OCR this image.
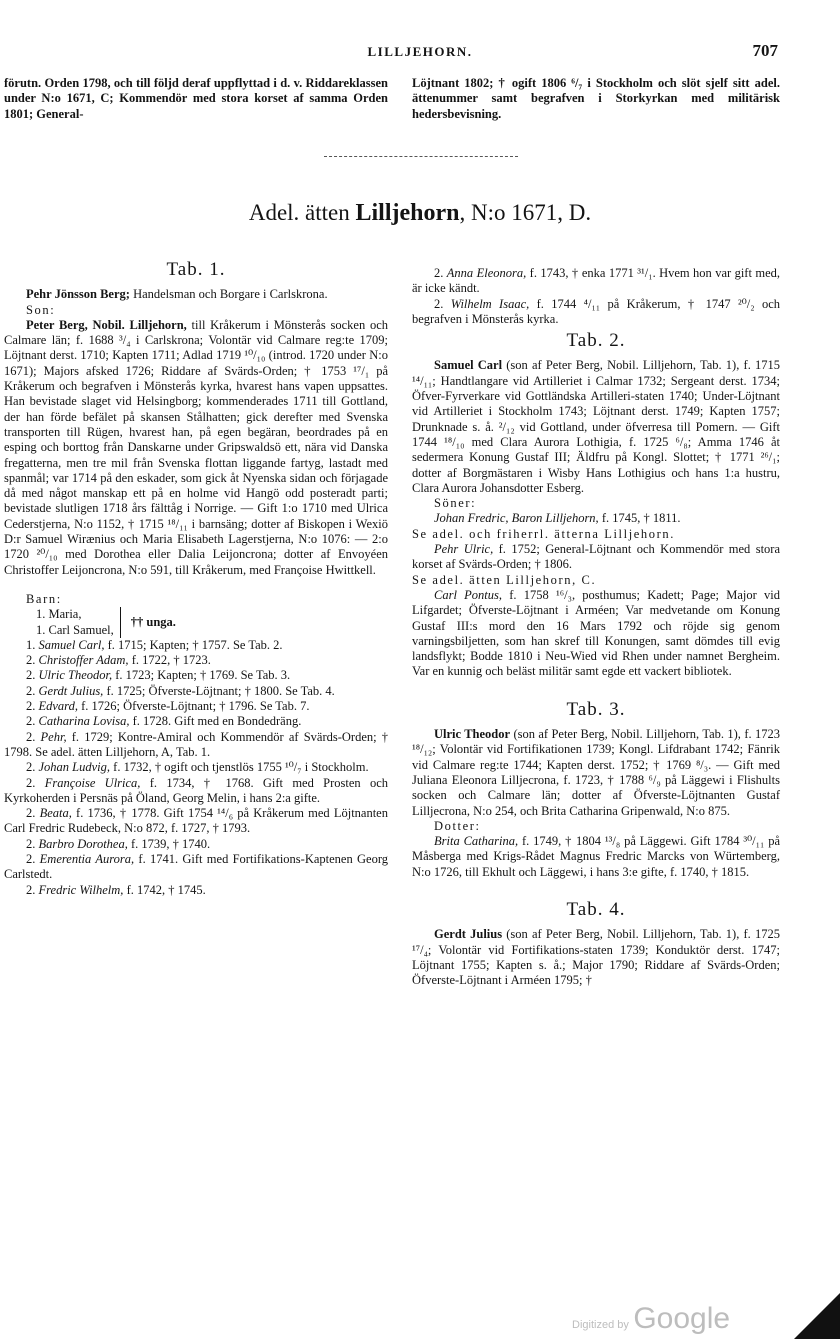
LILLJEHORN.	707

förutn. Orden 1798, och till följd deraf uppflyttad i d. v. Riddareklassen under N:o 1671, C; Kommendör med stora korset af samma Orden 1801; General-

Löjtnant 1802; † ogift 1806 ⁶/₇ i Stockholm och slöt sjelf sitt adel. ättenummer samt begrafven i Storkyrkan med militärisk hedersbevisning.

Adel. ätten Lilljehorn, N:o 1671, D.
Tab. 1.

Pehr Jönsson Berg; Handelsman och Borgare i Carlskrona.

Son:

Peter Berg, Nobil. Lilljehorn, till Kråkerum i Mönsterås socken och Calmare län; f. 1688 ³/₄ i Carlskrona; Volontär vid Calmare reg:te 1709; Löjtnant derst. 1710; Kapten 1711; Adlad 1719 ¹⁰/₁₀ (introd. 1720 under N:o 1671); Majors afsked 1726; Riddare af Svärds-Orden; † 1753 ¹⁷/₁ på Kråkerum och begrafven i Mönsterås kyrka, hvarest hans vapen uppsattes. Han bevistade slaget vid Helsingborg; kommenderades 1711 till Gottland, der han förde befälet på skansen Stålhatten; gick derefter med Svenska transporten till Rügen, hvarest han, på egen begäran, beordrades på en esping och borttog från Danskarne under Gripswaldsö ett, nära vid Danska fregatterna, men tre mil från Svenska flottan liggande fartyg, lastadt med spanmål; var 1714 på den eskader, som gick åt Nyenska sidan och förjagade då med något manskap ett på en holme vid Hangö odd posteradt parti; bevistade slutligen 1718 års fälttåg i Norrige. — Gift 1:o 1710 med Ulrica Cederstjerna, N:o 1152, † 1715 ¹⁸/₁₁ i barnsäng; dotter af Biskopen i Wexiö D:r Samuel Wirænius och Maria Elisabeth Lagerstjerna, N:o 1076: — 2:o 1720 ²⁰/₁₀ med Dorothea eller Dalia Leijoncrona; dotter af Envoyéen Christoffer Leijoncrona, N:o 591, till Kråkerum, med Françoise Hwittkell.

Barn:

1. Maria,
1. Carl Samuel,
†† unga.

1. Samuel Carl, f. 1715; Kapten; † 1757. Se Tab. 2.

2. Christoffer Adam, f. 1722, † 1723.

2. Ulric Theodor, f. 1723; Kapten; † 1769. Se Tab. 3.

2. Gerdt Julius, f. 1725; Öfverste-Löjtnant; † 1800. Se Tab. 4.

2. Edvard, f. 1726; Öfverste-Löjtnant; † 1796. Se Tab. 7.

2. Catharina Lovisa, f. 1728. Gift med en Bondedräng.

2. Pehr, f. 1729; Kontre-Amiral och Kommendör af Svärds-Orden; † 1798. Se adel. ätten Lilljehorn, A, Tab. 1.

2. Johan Ludvig, f. 1732, † ogift och tjenstlös 1755 ¹⁰/₇ i Stockholm.

2. Françoise Ulrica, f. 1734, † 1768. Gift med Prosten och Kyrkoherden i Persnäs på Öland, Georg Melin, i hans 2:a gifte.

2. Beata, f. 1736, † 1778. Gift 1754 ¹⁴/₆ på Kråkerum med Löjtnanten Carl Fredric Rudebeck, N:o 872, f. 1727, † 1793.

2. Barbro Dorothea, f. 1739, † 1740.

2. Emerentia Aurora, f. 1741. Gift med Fortifikations-Kaptenen Georg Carlstedt.

2. Fredric Wilhelm, f. 1742, † 1745.

2. Anna Eleonora, f. 1743, † enka 1771 ³¹/₁. Hvem hon var gift med, är icke kändt.

2. Wilhelm Isaac, f. 1744 ⁴/₁₁ på Kråkerum, † 1747 ²⁰/₂ och begrafven i Mönsterås kyrka.

Tab. 2.

Samuel Carl (son af Peter Berg, Nobil. Lilljehorn, Tab. 1), f. 1715 ¹⁴/₁₁; Handtlangare vid Artilleriet i Calmar 1732; Sergeant derst. 1734; Öfver-Fyrverkare vid Gottländska Artilleri-staten 1740; Under-Löjtnant vid Artilleriet i Stockholm 1743; Löjtnant derst. 1749; Kapten 1757; Drunknade s. å. ²/₁₂ vid Gottland, under öfverresa till Pomern. — Gift 1744 ¹⁸/₁₀ med Clara Aurora Lothigia, f. 1725 ⁶/₈; Amma 1746 åt sedermera Konung Gustaf III; Äldfru på Kongl. Slottet; † 1771 ²⁶/₁; dotter af Borgmästaren i Wisby Hans Lothigius och hans 1:a hustru, Clara Aurora Johansdotter Esberg.

Söner:

Johan Fredric, Baron Lilljehorn, f. 1745, † 1811.

Se adel. och friherrl. ätterna Lilljehorn.

Pehr Ulric, f. 1752; General-Löjtnant och Kommendör med stora korset af Svärds-Orden; † 1806.

Se adel. ätten Lilljehorn, C.

Carl Pontus, f. 1758 ¹⁶/₃, posthumus; Kadett; Page; Major vid Lifgardet; Öfverste-Löjtnant i Arméen; Var medvetande om Konung Gustaf III:s mord den 16 Mars 1792 och röjde sig genom varningsbiljetten, som han skref till Konungen, samt dömdes till evig landsflykt; Bodde 1810 i Neu-Wied vid Rhen under namnet Bergheim. Var en kunnig och beläst militär samt egde ett vackert bibliotek.

Tab. 3.

Ulric Theodor (son af Peter Berg, Nobil. Lilljehorn, Tab. 1), f. 1723 ¹⁸/₁₂; Volontär vid Fortifikationen 1739; Kongl. Lifdrabant 1742; Fänrik vid Calmare reg:te 1744; Kapten derst. 1752; † 1769 ⁸/₃. — Gift med Juliana Eleonora Lilljecrona, f. 1723, † 1788 ⁶/₉ på Läggewi i Flishults socken och Calmare län; dotter af Öfverste-Löjtnanten Gustaf Lilljecrona, N:o 254, och Brita Catharina Gripenwald, N:o 875.

Dotter:

Brita Catharina, f. 1749, † 1804 ¹³/₈ på Läggewi. Gift 1784 ³⁰/₁₁ på Måsberga med Krigs-Rådet Magnus Fredric Marcks von Würtemberg, N:o 1726, till Ekhult och Läggewi, i hans 3:e gifte, f. 1740, † 1815.

Tab. 4.

Gerdt Julius (son af Peter Berg, Nobil. Lilljehorn, Tab. 1), f. 1725 ¹⁷/₄; Volontär vid Fortifikations-staten 1739; Konduktör derst. 1747; Löjtnant 1755; Kapten s. å.; Major 1790; Riddare af Svärds-Orden; Öfverste-Löjtnant i Arméen 1795; †

Digitized by Google
